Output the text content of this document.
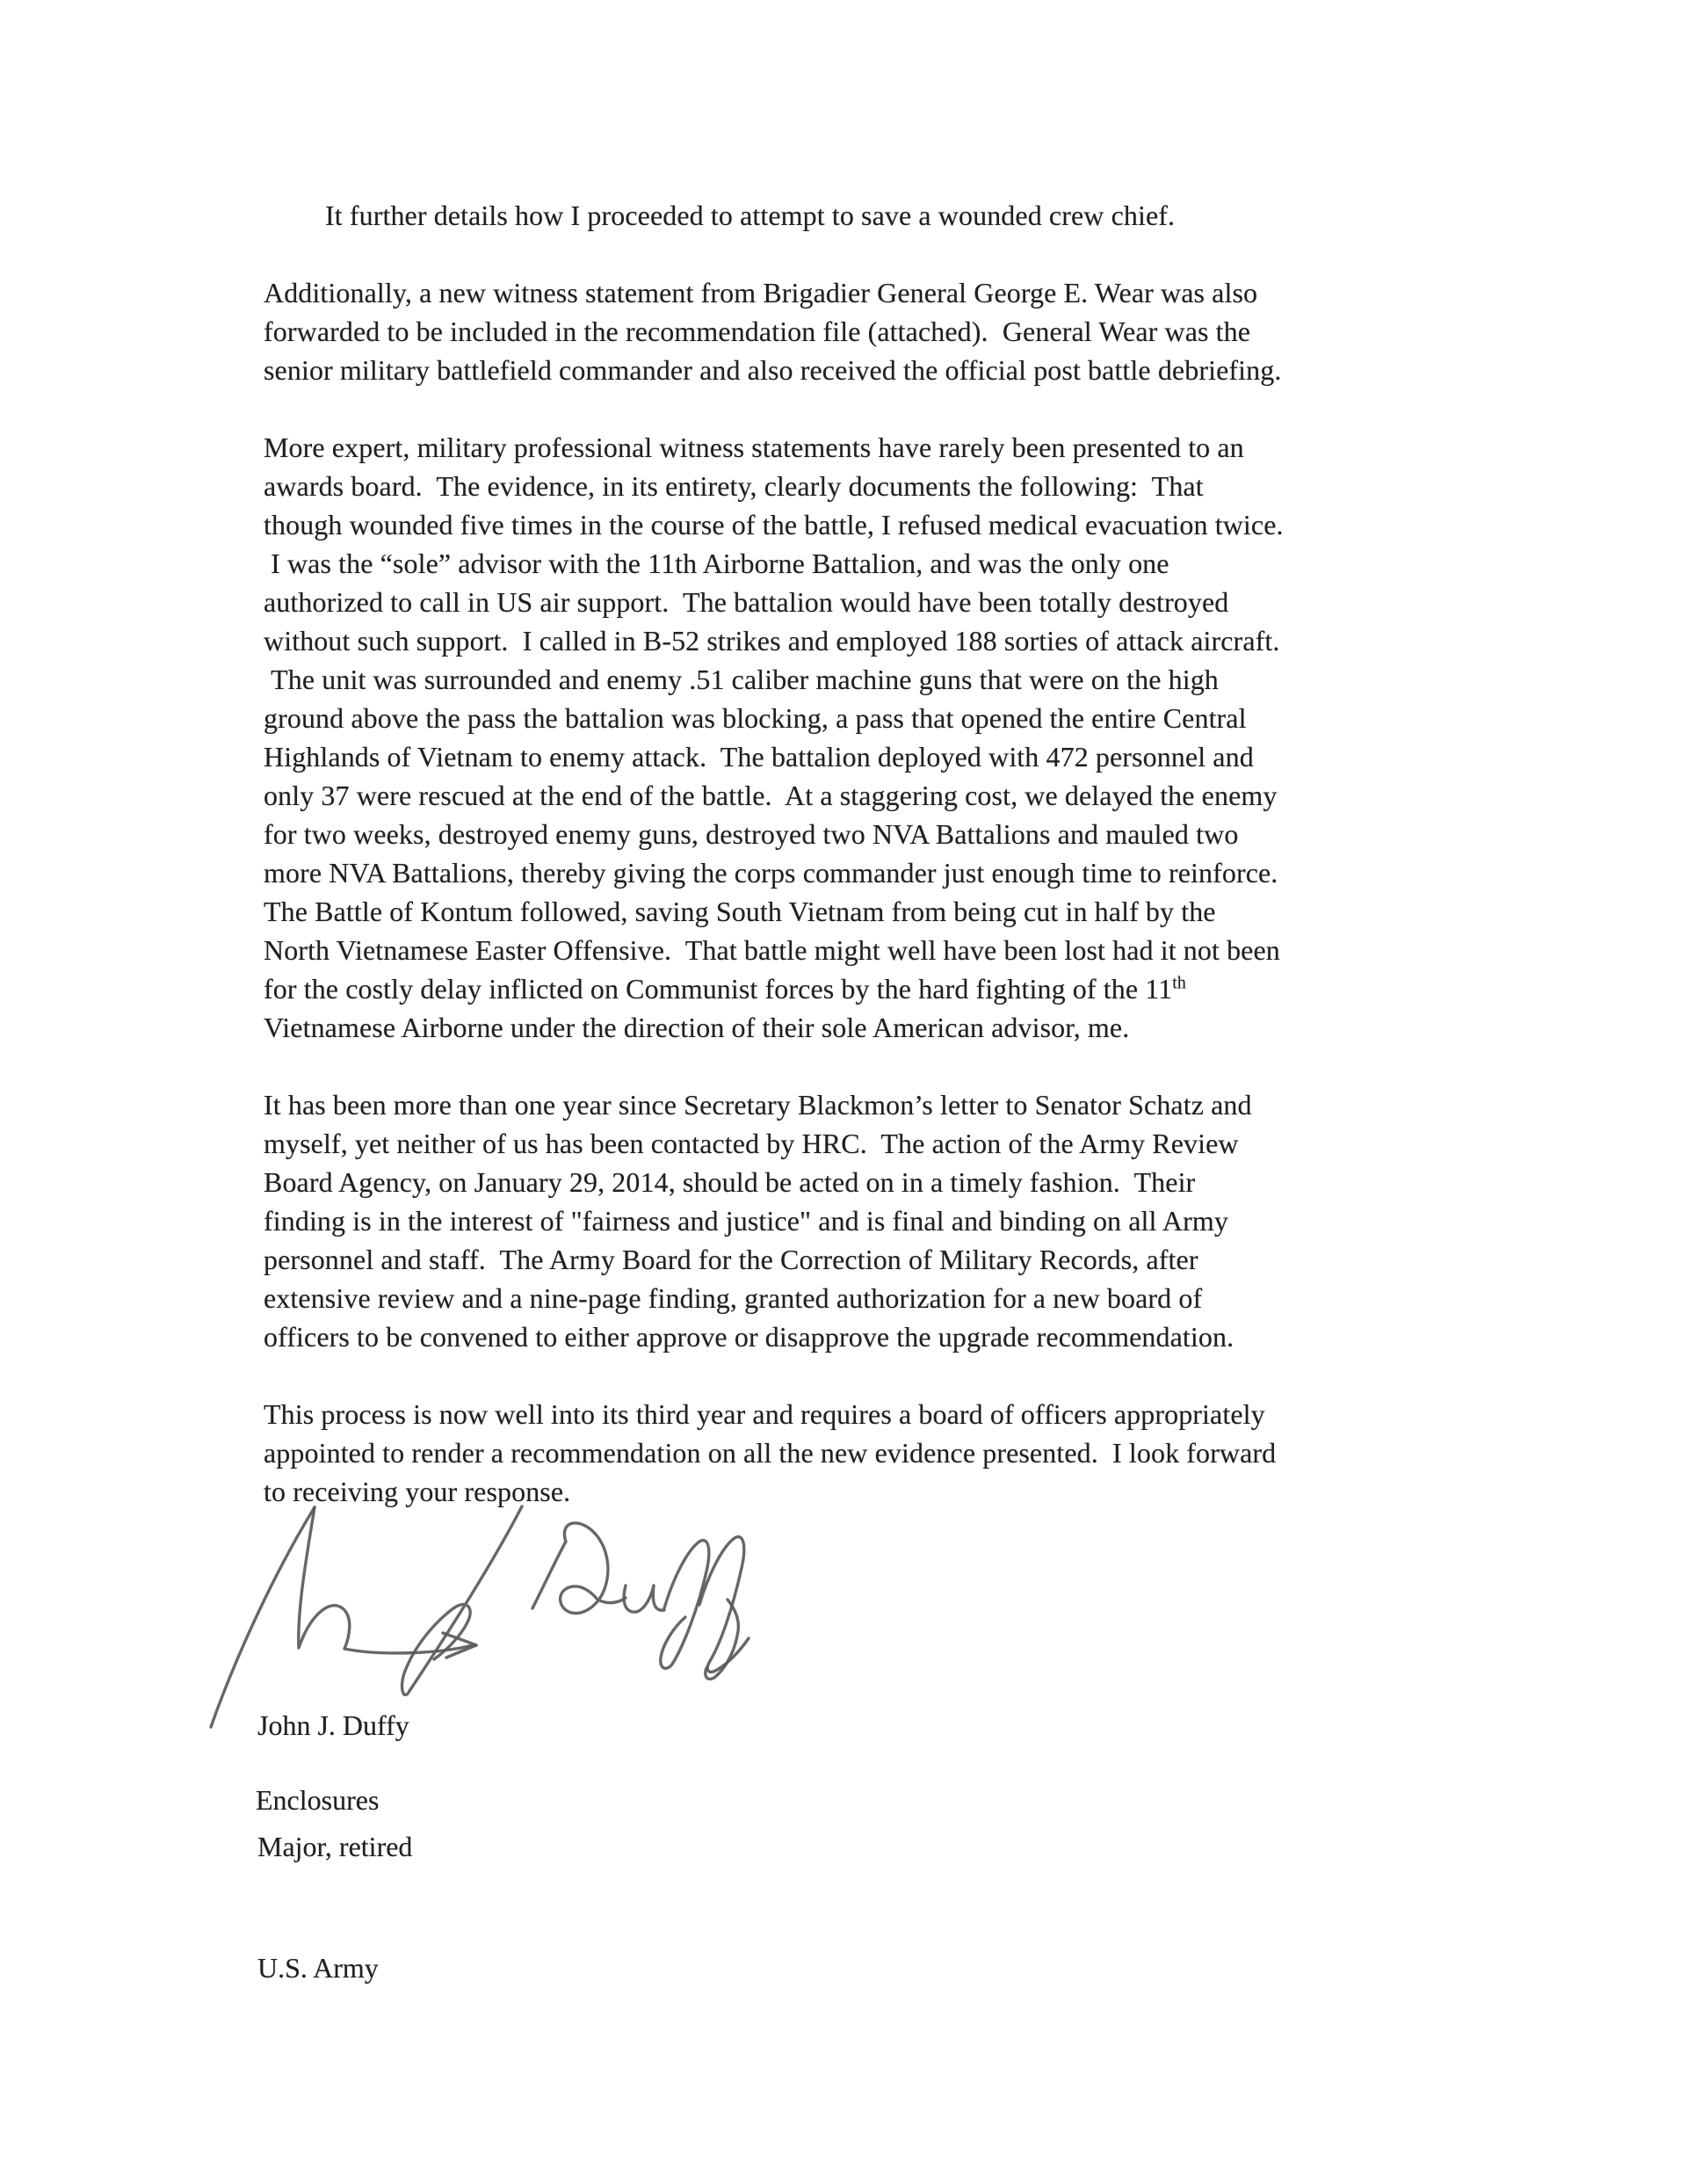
It further details how I proceeded to attempt to save a wounded crew chief.

Additionally, a new witness statement from Brigadier General George E. Wear was also
forwarded to be included in the recommendation file (attached).  General Wear was the
senior military battlefield commander and also received the official post battle debriefing.

More expert, military professional witness statements have rarely been presented to an
awards board.  The evidence, in its entirety, clearly documents the following:  That
though wounded five times in the course of the battle, I refused medical evacuation twice.
I was the “sole” advisor with the 11th Airborne Battalion, and was the only one
authorized to call in US air support.  The battalion would have been totally destroyed
without such support.  I called in B-52 strikes and employed 188 sorties of attack aircraft.
The unit was surrounded and enemy .51 caliber machine guns that were on the high
ground above the pass the battalion was blocking, a pass that opened the entire Central
Highlands of Vietnam to enemy attack.  The battalion deployed with 472 personnel and
only 37 were rescued at the end of the battle.  At a staggering cost, we delayed the enemy
for two weeks, destroyed enemy guns, destroyed two NVA Battalions and mauled two
more NVA Battalions, thereby giving the corps commander just enough time to reinforce.
The Battle of Kontum followed, saving South Vietnam from being cut in half by the
North Vietnamese Easter Offensive.  That battle might well have been lost had it not been
for the costly delay inflicted on Communist forces by the hard fighting of the 11th
Vietnamese Airborne under the direction of their sole American advisor, me.

It has been more than one year since Secretary Blackmon’s letter to Senator Schatz and
myself, yet neither of us has been contacted by HRC.  The action of the Army Review
Board Agency, on January 29, 2014, should be acted on in a timely fashion.  Their
finding is in the interest of "fairness and justice" and is final and binding on all Army
personnel and staff.  The Army Board for the Correction of Military Records, after
extensive review and a nine-page finding, granted authorization for a new board of
officers to be convened to either approve or disapprove the upgrade recommendation.

This process is now well into its third year and requires a board of officers appropriately
appointed to render a recommendation on all the new evidence presented.  I look forward
to receiving your response.

John J. Duffy

Major, retired

U.S. Army

Enclosures
